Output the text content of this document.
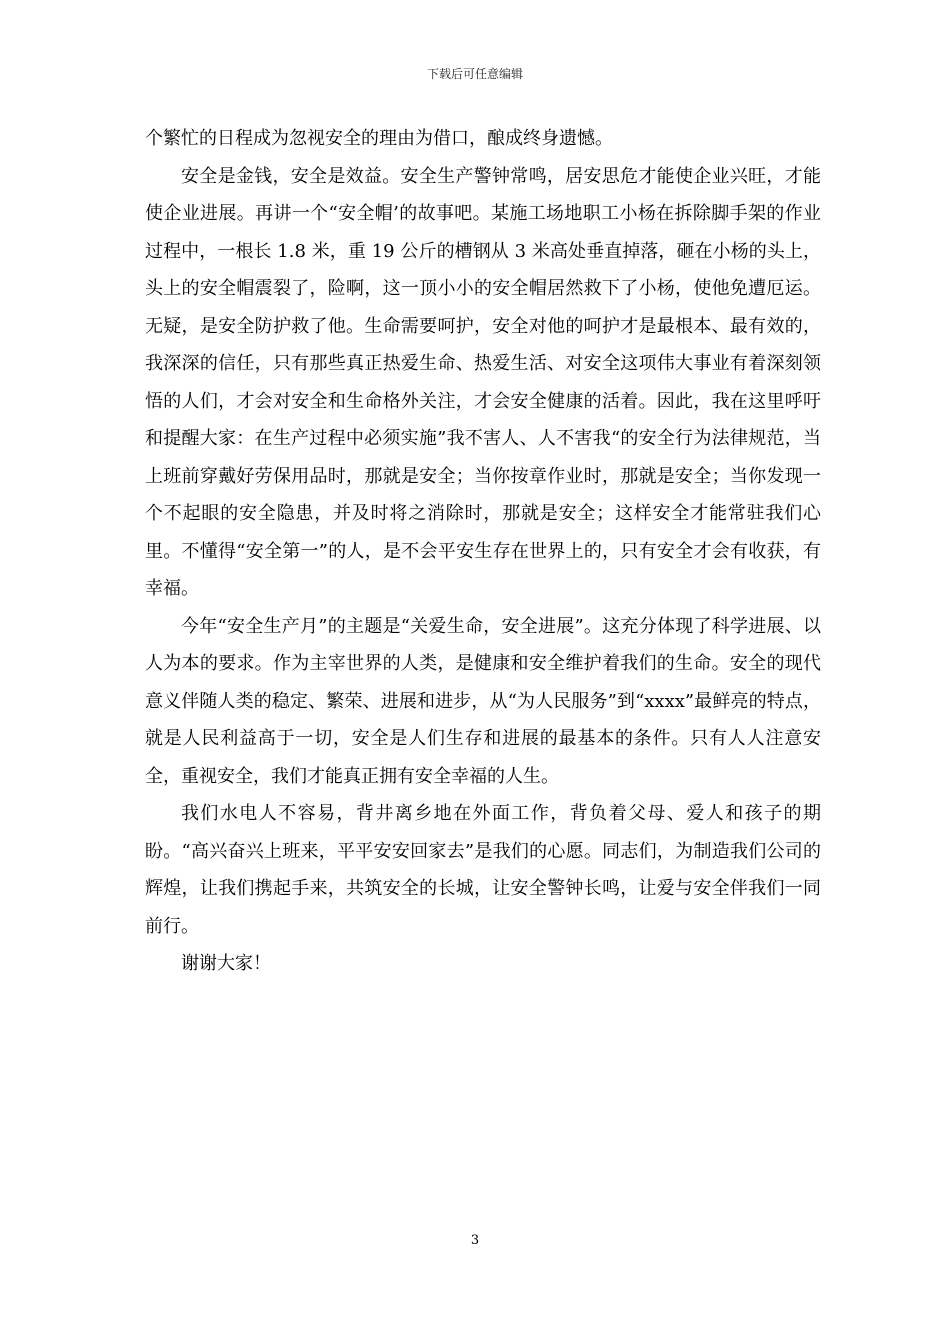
下载后可任意编辑

个繁忙的日程成为忽视安全的理由为借口，酿成终身遗憾。

安全是金钱，安全是效益。安全生产警钟常鸣，居安思危才能使企业兴旺，才能使企业进展。再讲一个“安全帽’的故事吧。某施工场地职工小杨在拆除脚手架的作业过程中，一根长 1.8 米，重 19 公斤的槽钢从 3 米高处垂直掉落，砸在小杨的头上，头上的安全帽震裂了，险啊，这一顶小小的安全帽居然救下了小杨，使他免遭厄运。无疑，是安全防护救了他。生命需要呵护，安全对他的呵护才是最根本、最有效的，我深深的信任，只有那些真正热爱生命、热爱生活、对安全这项伟大事业有着深刻领悟的人们，才会对安全和生命格外关注，才会安全健康的活着。因此，我在这里呼吁和提醒大家：在生产过程中必须实施”我不害人、人不害我“的安全行为法律规范，当上班前穿戴好劳保用品时，那就是安全；当你按章作业时，那就是安全；当你发现一个不起眼的安全隐患，并及时将之消除时，那就是安全；这样安全才能常驻我们心里。不懂得“安全第一”的人，是不会平安生存在世界上的，只有安全才会有收获，有幸福。

今年“安全生产月”的主题是“关爱生命，安全进展”。这充分体现了科学进展、以人为本的要求。作为主宰世界的人类，是健康和安全维护着我们的生命。安全的现代意义伴随人类的稳定、繁荣、进展和进步，从“为人民服务”到“xxxx”最鲜亮的特点，就是人民利益高于一切，安全是人们生存和进展的最基本的条件。只有人人注意安全，重视安全，我们才能真正拥有安全幸福的人生。

我们水电人不容易，背井离乡地在外面工作，背负着父母、爱人和孩子的期盼。“高兴奋兴上班来，平平安安回家去”是我们的心愿。同志们，为制造我们公司的辉煌，让我们携起手来，共筑安全的长城，让安全警钟长鸣，让爱与安全伴我们一同前行。

谢谢大家！

3
